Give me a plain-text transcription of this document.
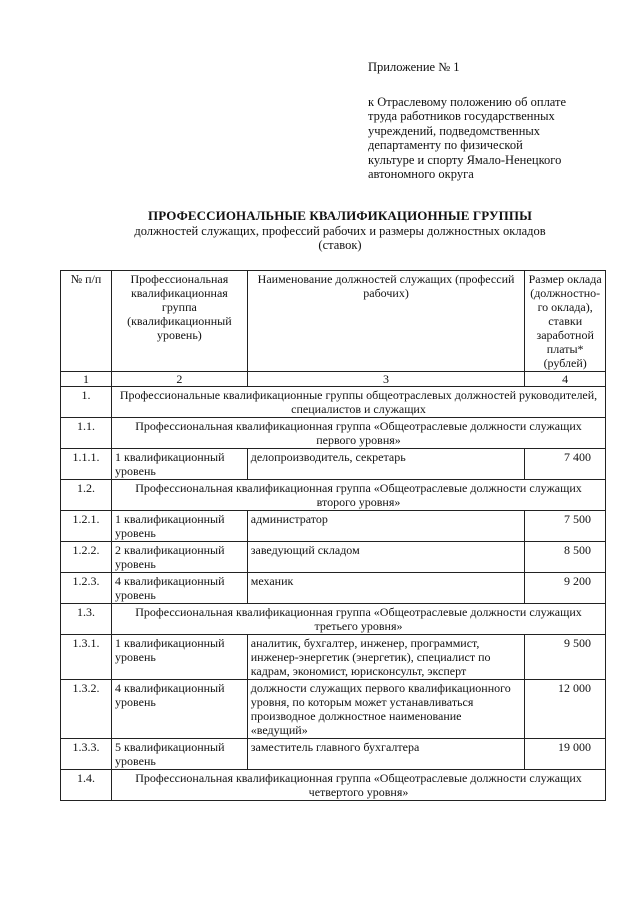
Приложение № 1
к Отраслевому положению об оплате
труда работников государственных
учреждений, подведомственных
департаменту по физической
культуре и спорту Ямало-Ненецкого
автономного округа
ПРОФЕССИОНАЛЬНЫЕ КВАЛИФИКАЦИОННЫЕ ГРУППЫ
должностей служащих, профессий рабочих и размеры должностных окладов
(ставок)
№ п/п	Профессиональная квалификационная группа (квалификационный уровень)	Наименование должностей служащих (профессий рабочих)	Размер оклада (должностно-го оклада), ставки заработной платы* (рублей)
1	2	3	4
1.	Профессиональные квалификационные группы общеотраслевых должностей руководителей, специалистов и служащих		
1.1.	Профессиональная квалификационная группа «Общеотраслевые должности служащих первого уровня»		
1.1.1.	1 квалификационный уровень	делопроизводитель, секретарь	7 400
1.2.	Профессиональная квалификационная группа «Общеотраслевые должности служащих второго уровня»		
1.2.1.	1 квалификационный уровень	администратор	7 500
1.2.2.	2 квалификационный уровень	заведующий складом	8 500
1.2.3.	4 квалификационный уровень	механик	9 200
1.3.	Профессиональная квалификационная группа «Общеотраслевые должности служащих третьего уровня»		
1.3.1.	1 квалификационный уровень	аналитик, бухгалтер, инженер, программист, инженер-энергетик (энергетик), специалист по кадрам, экономист, юрисконсульт, эксперт	9 500
1.3.2.	4 квалификационный уровень	должности служащих первого квалификационного уровня, по которым может устанавливаться производное должностное наименование «ведущий»	12 000
1.3.3.	5 квалификационный уровень	заместитель главного бухгалтера	19 000
1.4.	Профессиональная квалификационная группа «Общеотраслевые должности служащих четвертого уровня»		
